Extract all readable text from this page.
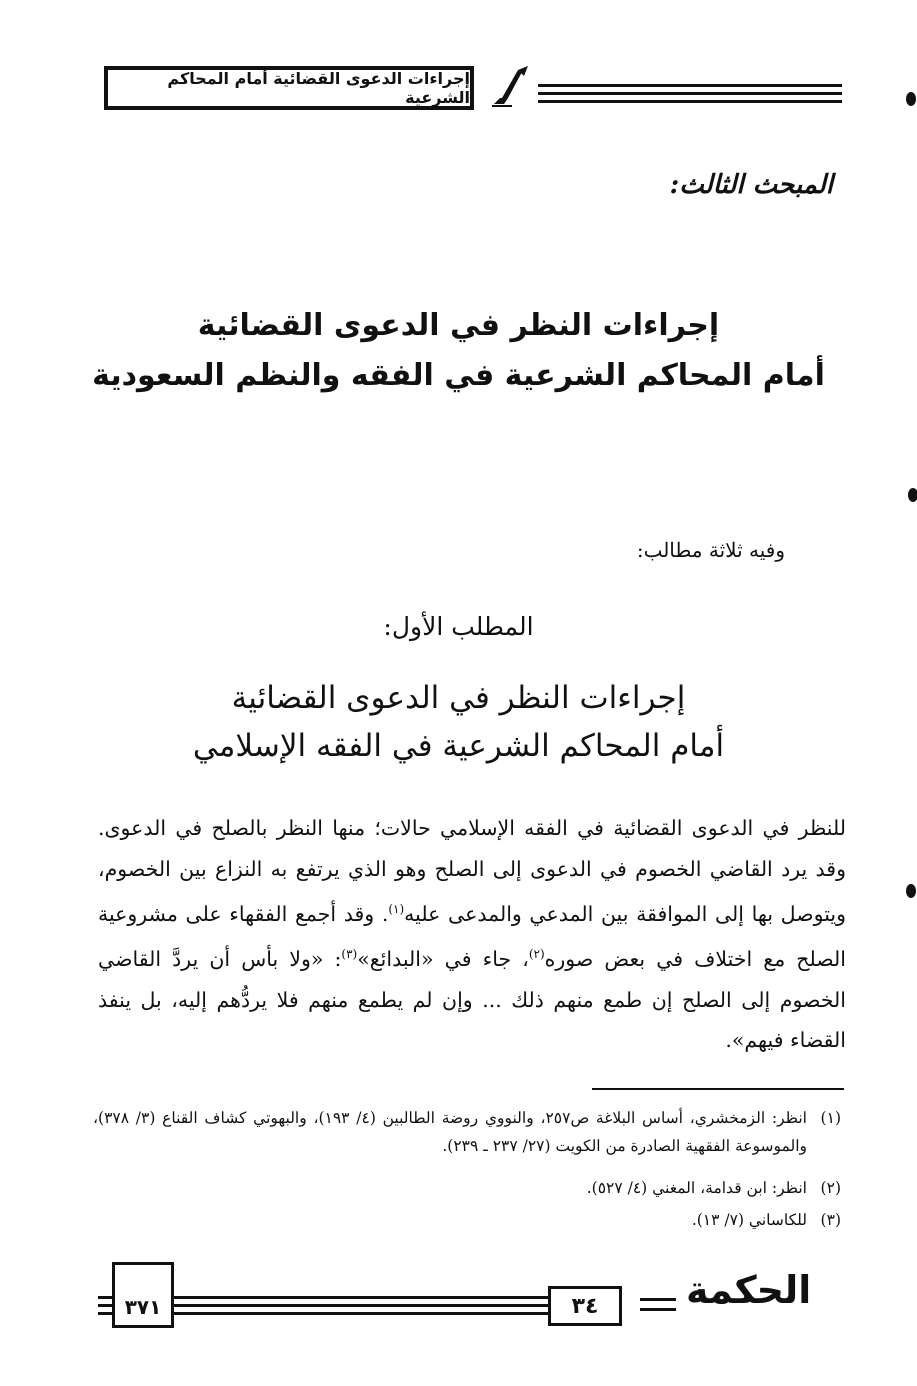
إجراءات الدعوى القضائية أمام المحاكم الشرعية
المبحث الثالث:
إجراءات النظر في الدعوى القضائية
أمام المحاكم الشرعية في الفقه والنظم السعودية
وفيه ثلاثة مطالب:
المطلب الأول:
إجراءات النظر في الدعوى القضائية
أمام المحاكم الشرعية في الفقه الإسلامي

للنظر في الدعوى القضائية في الفقه الإسلامي حالات؛ منها النظر بالصلح في الدعوى. وقد يرد القاضي الخصوم في الدعوى إلى الصلح وهو الذي يرتفع به النزاع بين الخصوم، ويتوصل بها إلى الموافقة بين المدعي والمدعى عليه$^{(١)}$. وقد أجمع الفقهاء على مشروعية الصلح مع اختلاف في بعض صوره$^{(٢)}$، جاء في «البدائع»$^{(٣)}$: «ولا بأس أن يردَّ القاضي الخصوم إلى الصلح إن طمع منهم ذلك ... وإن لم يطمع منهم فلا يردُّهم إليه، بل ينفذ القضاء فيهم».

(١)
انظر: الزمخشري، أساس البلاغة ص٢٥٧، والنووي روضة الطالبين (٤/ ١٩٣)، والبهوتي كشاف القناع (٣/ ٣٧٨)، والموسوعة الفقهية الصادرة من الكويت (٢٧/ ٢٣٧ ـ ٢٣٩).
(٢)
انظر: ابن قدامة، المغني (٤/ ٥٢٧).
(٣)
للكاساني (٧/ ١٣).
٣٧١	٣٤ الحكمة
